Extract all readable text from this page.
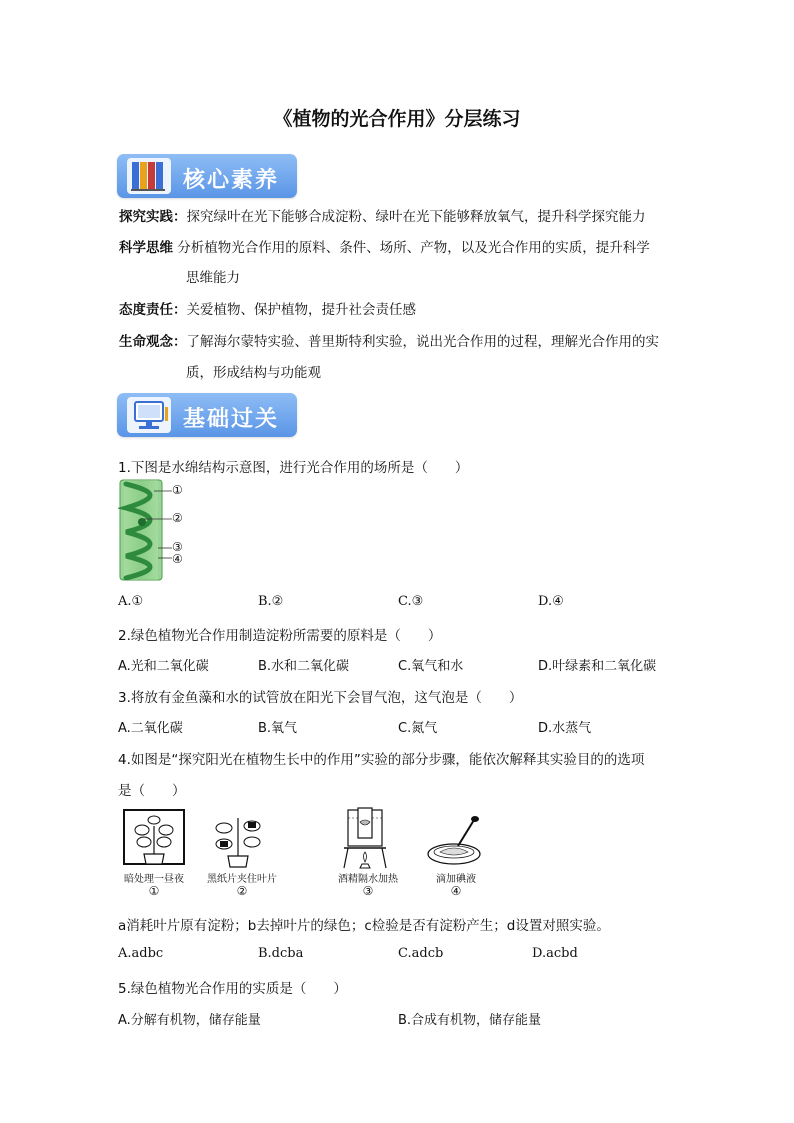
《植物的光合作用》分层练习
核心素养
探究实践：探究绿叶在光下能够合成淀粉、绿叶在光下能够释放氧气，提升科学探究能力
科学思维 分析植物光合作用的原料、条件、场所、产物，以及光合作用的实质，提升科学
思维能力
态度责任：关爱植物、保护植物，提升社会责任感
生命观念：了解海尔蒙特实验、普里斯特利实验，说出光合作用的过程，理解光合作用的实
质，形成结构与功能观
基础过关
1.下图是水绵结构示意图，进行光合作用的场所是（　　）
①
②
③
④
A.①	B.②	C.③	D.④
2.绿色植物光合作用制造淀粉所需要的原料是（　　）
A.光和二氧化碳	B.水和二氧化碳	C.氧气和水	D.叶绿素和二氧化碳
3.将放有金鱼藻和水的试管放在阳光下会冒气泡，这气泡是（　　）
A.二氧化碳	B.氧气	C.氮气	D.水蒸气
4.如图是“探究阳光在植物生长中的作用”实验的部分步骤，能依次解释其实验目的的选项
是（　　）
暗处理一昼夜
①
黑纸片夹住叶片
②
酒精隔水加热
③
滴加碘液
④
a消耗叶片原有淀粉；b去掉叶片的绿色；c检验是否有淀粉产生；d设置对照实验。
A.adbc	B.dcba	C.adcb	D.acbd
5.绿色植物光合作用的实质是（　　）
A.分解有机物，储存能量	B.合成有机物，储存能量
